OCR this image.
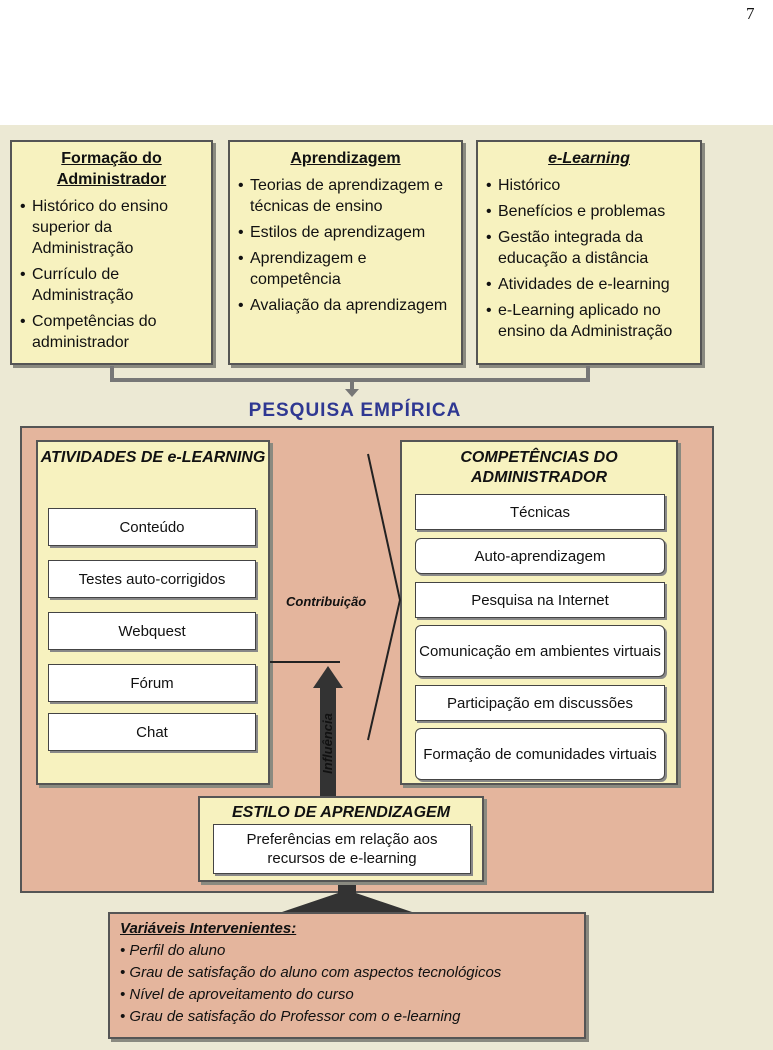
7
Formação do Administrador
• Histórico do ensino superior da Administração
• Currículo de Administração
• Competências do administrador
Aprendizagem
• Teorias de aprendizagem e técnicas de ensino
• Estilos de aprendizagem
• Aprendizagem e competência
• Avaliação da aprendizagem
e-Learning
• Histórico
• Benefícios e problemas
• Gestão integrada da educação a distância
• Atividades de e-learning
• e-Learning aplicado no ensino da Administração
PESQUISA EMPÍRICA
ATIVIDADES DE e-LEARNING
Conteúdo
Testes auto-corrigidos
Webquest
Fórum
Chat
COMPETÊNCIAS DO ADMINISTRADOR
Técnicas
Auto-aprendizagem
Pesquisa na Internet
Comunicação em ambientes virtuais
Participação em discussões
Formação de comunidades virtuais
Contribuição
Influência
ESTILO DE APRENDIZAGEM
Preferências em relação aos recursos de e-learning
Variáveis Intervenientes:
• Perfil do aluno
• Grau de satisfação do aluno com aspectos tecnológicos
• Nível de aproveitamento do curso
• Grau de satisfação do Professor com o e-learning
